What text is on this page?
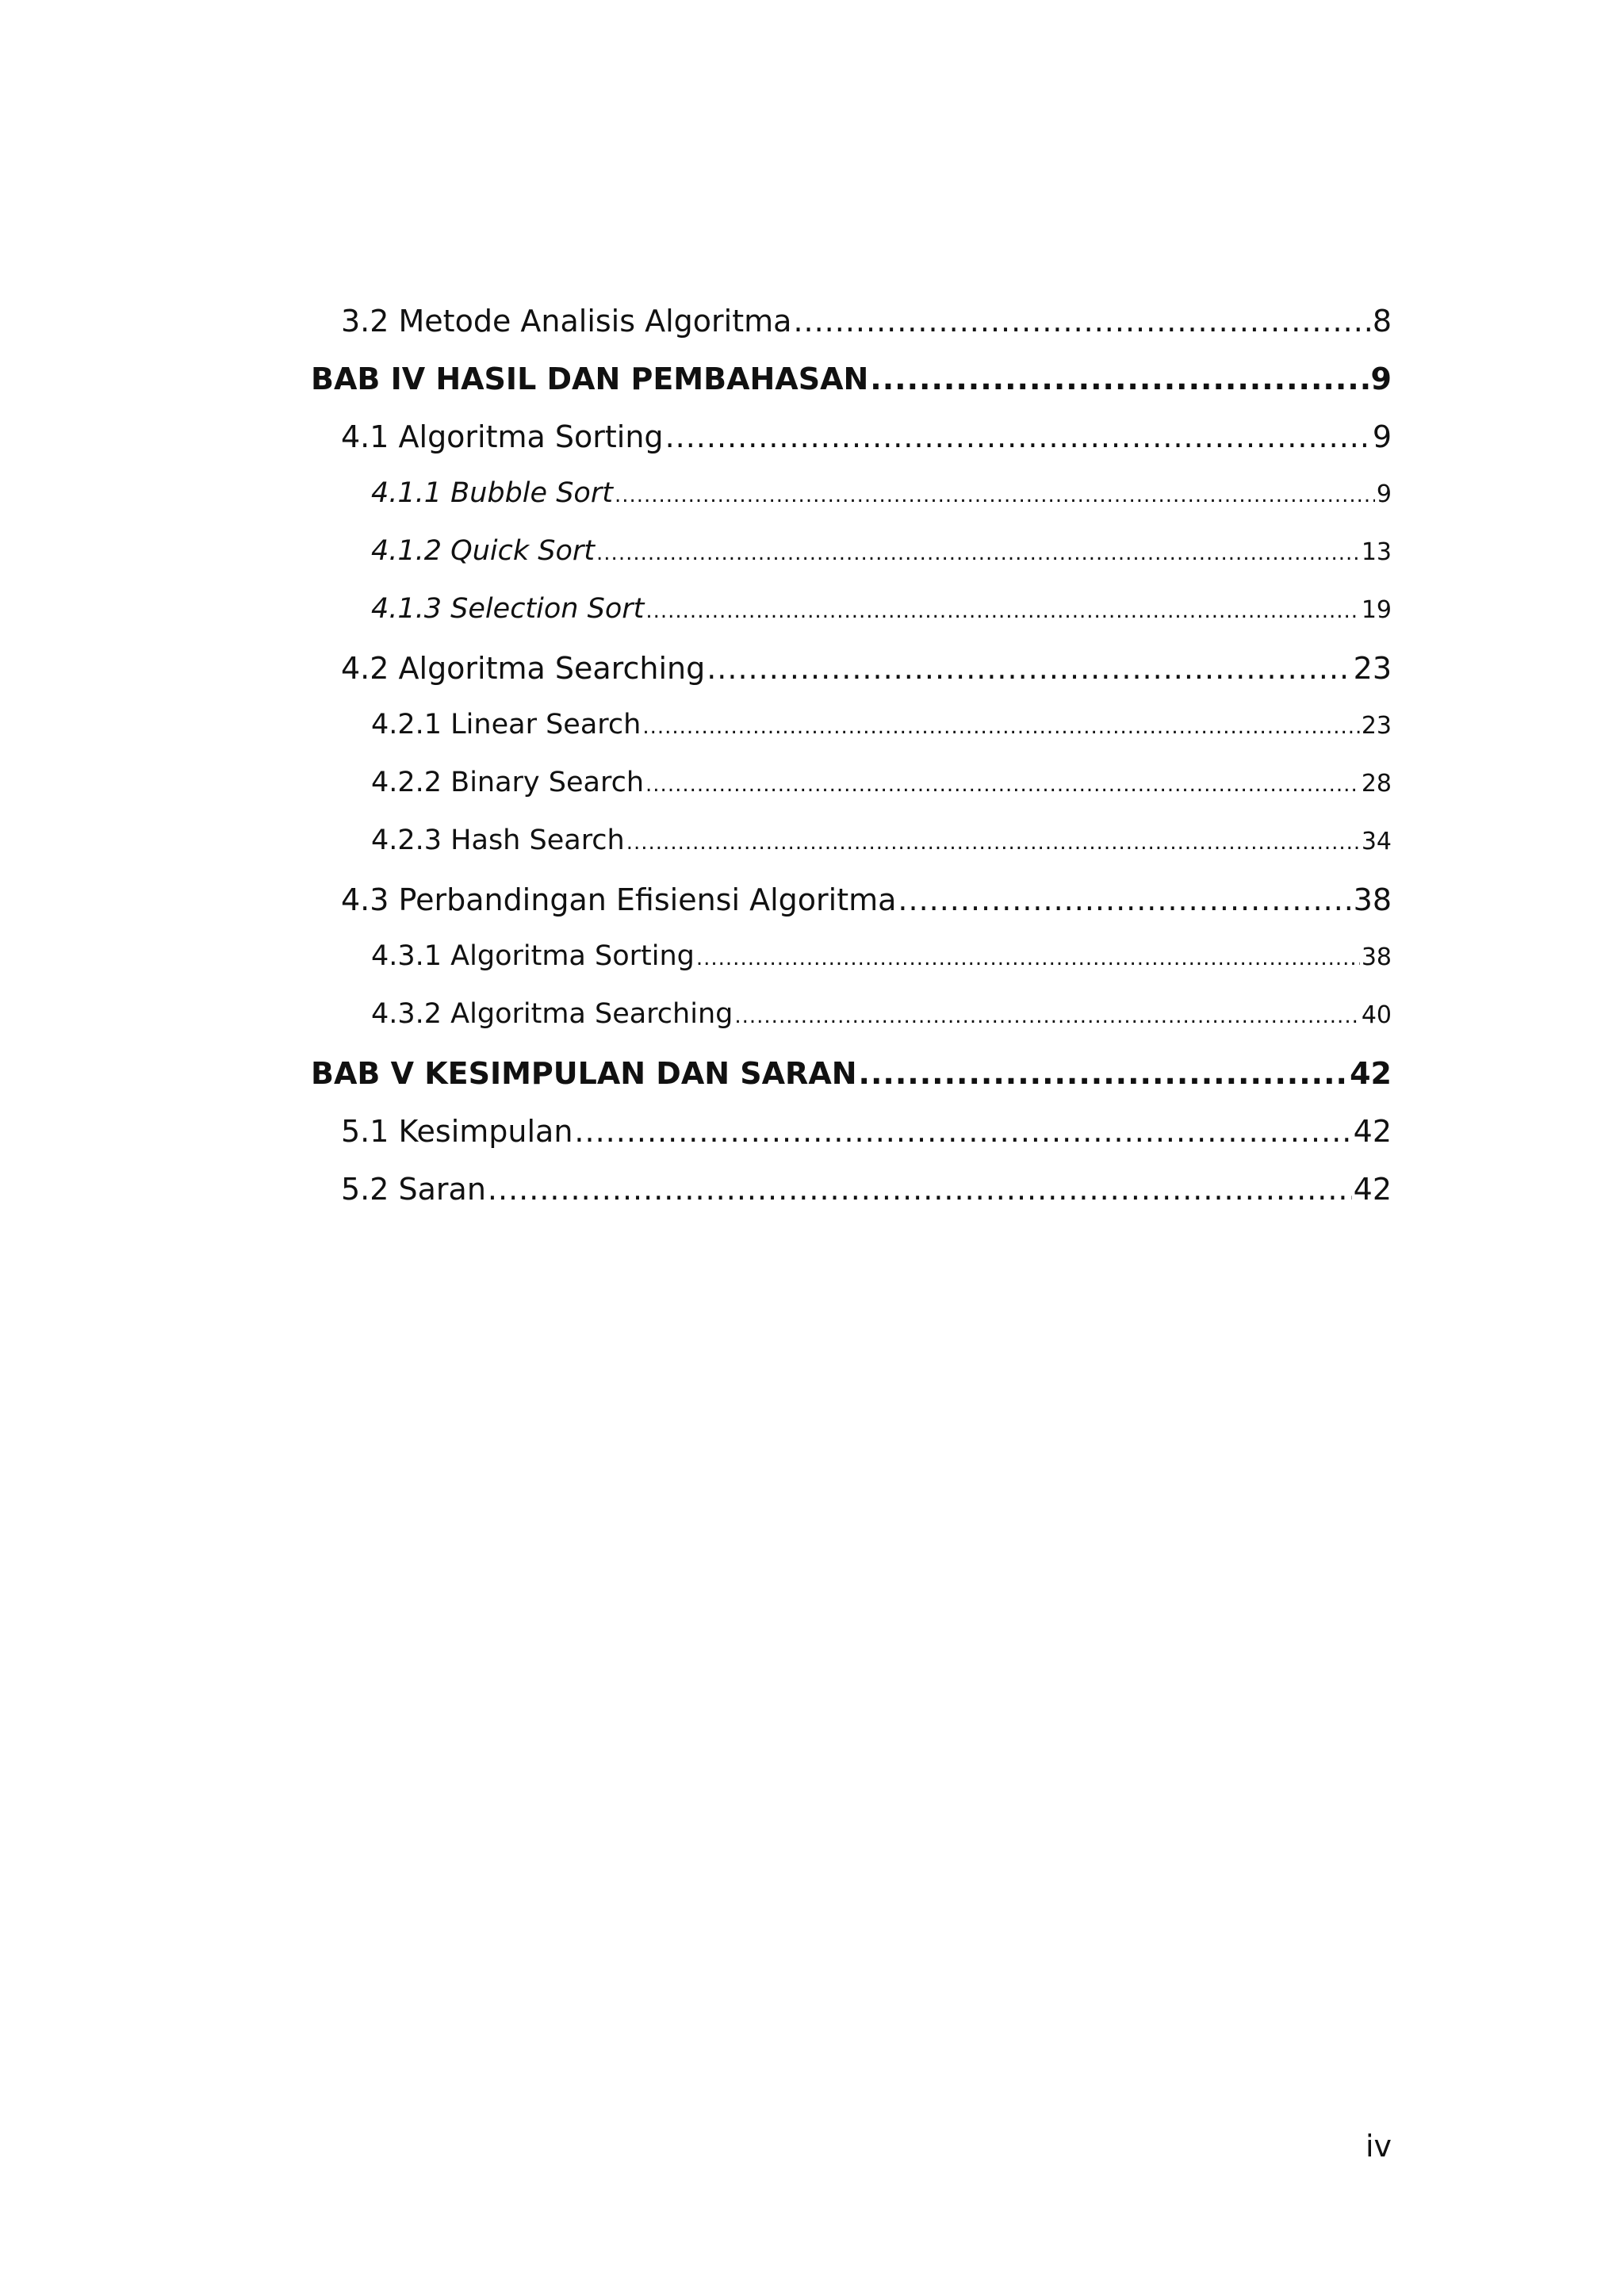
3.2 Metode Analisis Algoritma .....	8
BAB IV HASIL DAN PEMBAHASAN .....	9
4.1 Algoritma Sorting .....	9
4.1.1 Bubble Sort .....	9
4.1.2 Quick Sort .....	13
4.1.3 Selection Sort .....	19
4.2 Algoritma Searching .....	23
4.2.1 Linear Search .....	23
4.2.2 Binary Search .....	28
4.2.3 Hash Search .....	34
4.3 Perbandingan Efisiensi Algoritma .....	38
4.3.1 Algoritma Sorting .....	38
4.3.2 Algoritma Searching .....	40
BAB V KESIMPULAN DAN SARAN .....	42
5.1 Kesimpulan .....	42
5.2 Saran .....	42
iv
